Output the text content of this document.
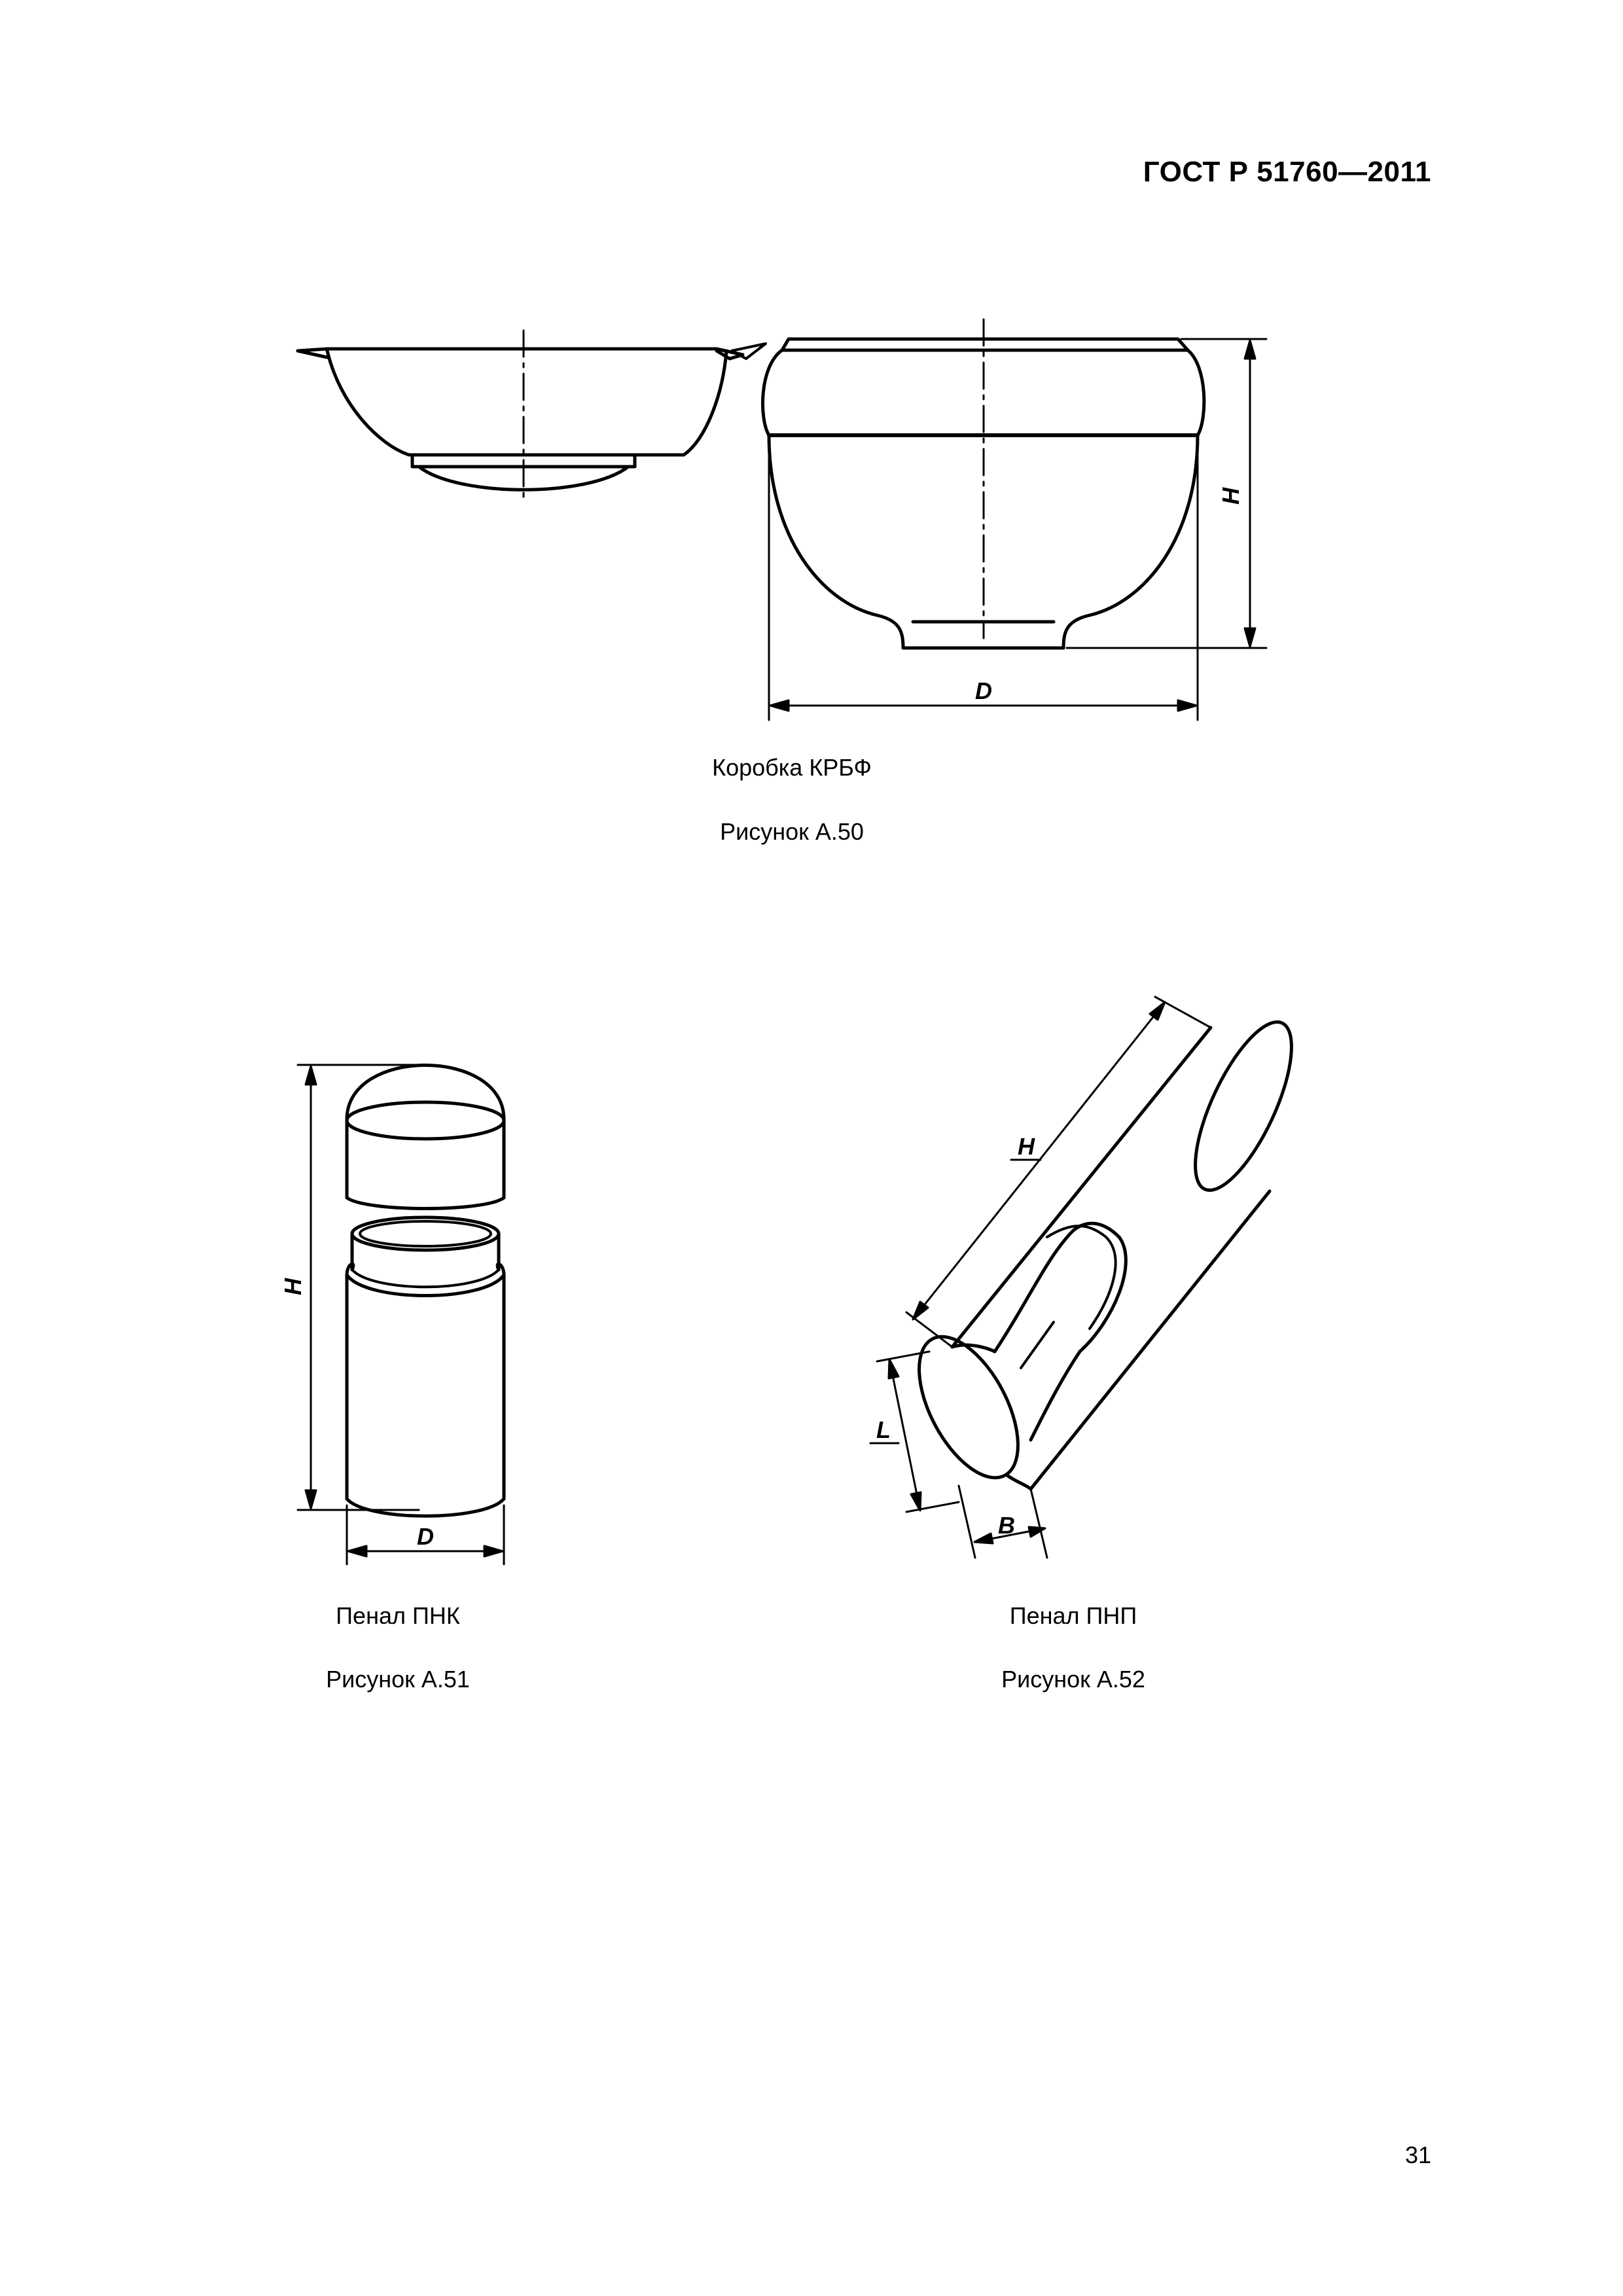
ГОСТ Р 51760—2011
H
D
H
D
H
L
B
Коробка КРБФ
Рисунок А.50
Пенал ПНК
Рисунок А.51
Пенал ПНП
Рисунок А.52
31
